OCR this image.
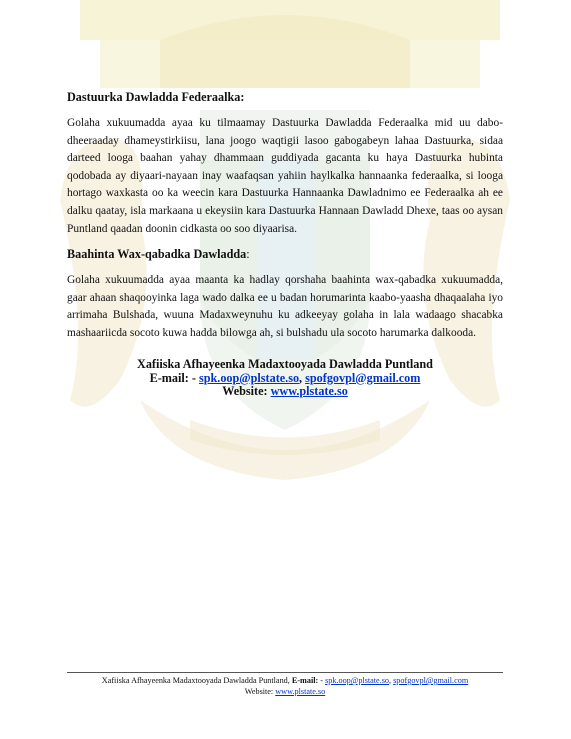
Dastuurka Dawladda Federaalka:

Golaha xukuumadda ayaa ku tilmaamay Dastuurka Dawladda Federaalka mid uu dabo-dheeraaday dhameystirkiisu, lana joogo waqtigii lasoo gabogabeyn lahaa Dastuurka, sidaa darteed looga baahan yahay dhammaan guddiyada gacanta ku haya Dastuurka hubinta qodobada ay diyaari-nayaan inay waafaqsan yahiin haylkalka hannaanka federaalka, si looga hortago waxkasta oo ka weecin kara Dastuurka Hannaanka Dawladnimo ee Federaalka ah ee dalku qaatay, isla markaana u ekeysiin kara Dastuurka Hannaan Dawladd Dhexe, taas oo aysan Puntland qaadan doonin cidkasta oo soo diyaarisa.

Baahinta Wax-qabadka Dawladda:

Golaha xukuumadda ayaa maanta ka hadlay qorshaha baahinta wax-qabadka xukuumadda, gaar ahaan shaqooyinka laga wado dalka ee u badan horumarinta kaabo-yaasha dhaqaalaha iyo arrimaha Bulshada, wuuna Madaxweynuhu ku adkeeyay golaha in lala wadaago shacabka mashaariicda socoto kuwa hadda bilowga ah, si bulshadu ula socoto harumarka dalkooda.

Xafiiska Afhayeenka Madaxtooyada Dawladda Puntland
E-mail: - spk.oop@plstate.so, spofgovpl@gmail.com
Website: www.plstate.so
Xafiiska Afhayeenka Madaxtooyada Dawladda Puntland, E-mail: - spk.oop@plstate.so, spofgovpl@gmail.com
Website: www.plstate.so
